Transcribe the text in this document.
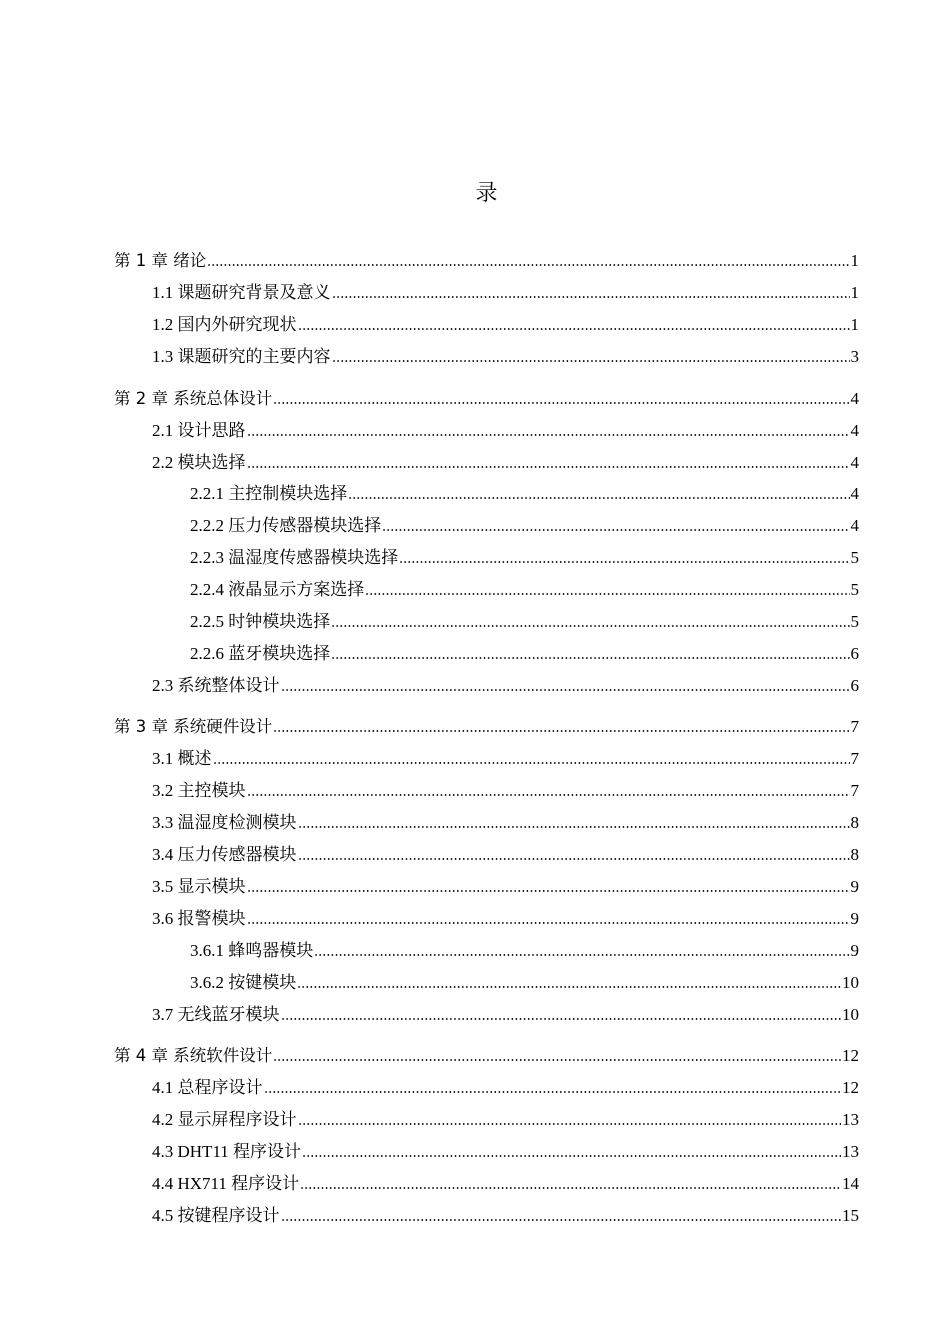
录
第 1 章 绪论	1
1.1 课题研究背景及意义	1
1.2 国内外研究现状	1
1.3 课题研究的主要内容	3
第 2 章 系统总体设计	4
2.1 设计思路	4
2.2 模块选择	4
2.2.1 主控制模块选择	4
2.2.2 压力传感器模块选择	4
2.2.3 温湿度传感器模块选择	5
2.2.4 液晶显示方案选择	5
2.2.5 时钟模块选择	5
2.2.6 蓝牙模块选择	6
2.3 系统整体设计	6
第 3 章 系统硬件设计	7
3.1 概述	7
3.2 主控模块	7
3.3 温湿度检测模块	8
3.4 压力传感器模块	8
3.5 显示模块	9
3.6 报警模块	9
3.6.1 蜂鸣器模块	9
3.6.2 按键模块	10
3.7 无线蓝牙模块	10
第 4 章 系统软件设计	12
4.1 总程序设计	12
4.2 显示屏程序设计	13
4.3 DHT11 程序设计	13
4.4 HX711 程序设计	14
4.5 按键程序设计	15
